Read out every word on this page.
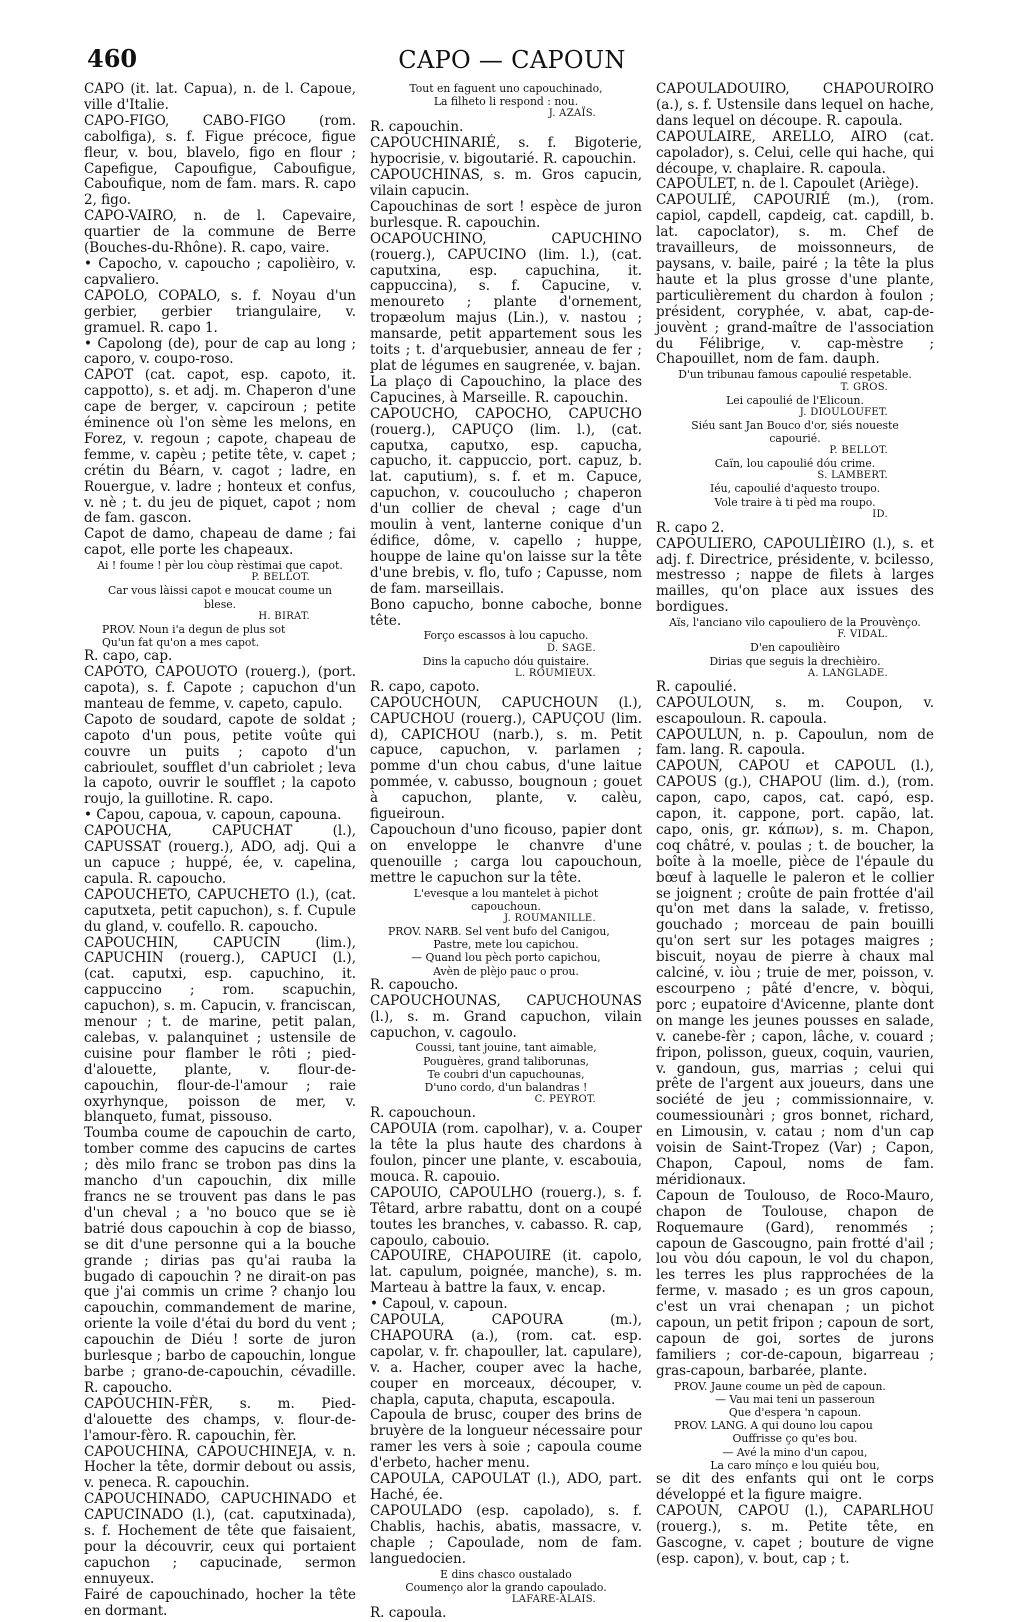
460	CAPO — CAPOUN

CAPO (it. lat. Capua), n. de l. Capoue, ville d'Italie.

CAPO-FIGO, CABO-FIGO (rom. cabolfiga), s. f. Figue précoce, figue fleur, v. bou, blavelo, figo en flour ; Capefigue, Capoufigue, Caboufigue, Caboufique, nom de fam. mars. R. capo 2, figo.

CAPO-VAIRO, n. de l. Capevaire, quartier de la commune de Berre (Bouches-du-Rhône). R. capo, vaire.

• Capocho, v. capoucho ; capolièiro, v. capvaliero.

CAPOLO, COPALO, s. f. Noyau d'un gerbier, gerbier triangulaire, v. gramuel. R. capo 1.

• Capolong (de), pour de cap au long ; caporo, v. coupo-roso.

CAPOT (cat. capot, esp. capoto, it. cappotto), s. et adj. m. Chaperon d'une cape de berger, v. capciroun ; petite éminence où l'on sème les melons, en Forez, v. regoun ; capote, chapeau de femme, v. capèu ; petite tête, v. capet ; crétin du Béarn, v. cagot ; ladre, en Rouergue, v. ladre ; honteux et confus, v. nè ; t. du jeu de piquet, capot ; nom de fam. gascon.

Capot de damo, chapeau de dame ; fai capot, elle porte les chapeaux.

Ai ! foume ! pèr lou còup rèstimai que capot.

P. BELLOT.

Car vous làissi capot e moucat coume un blese.

H. BIRAT.

PROV. Noun i'a degun de plus sot

Qu'un fat qu'on a mes capot.

R. capo, cap.

CAPOTO, CAPOUOTO (rouerg.), (port. capota), s. f. Capote ; capuchon d'un manteau de femme, v. capeto, capulo.

Capoto de soudard, capote de soldat ; capoto d'un pous, petite voûte qui couvre un puits ; capoto d'un cabrioulet, soufflet d'un cabriolet ; leva la capoto, ouvrir le soufflet ; la capoto roujo, la guillotine. R. capo.

• Capou, capoua, v. capoun, capouna.

CAPOUCHA, CAPUCHAT (l.), CAPUSSAT (rouerg.), ADO, adj. Qui a un capuce ; huppé, ée, v. capelina, capula. R. capoucho.

CAPOUCHETO, CAPUCHETO (l.), (cat. caputxeta, petit capuchon), s. f. Cupule du gland, v. coufello. R. capoucho.

CAPOUCHIN, CAPUCIN (lim.), CAPUCHIN (rouerg.), CAPUCI (l.), (cat. caputxi, esp. capuchino, it. cappuccino ; rom. scapuchin, capuchon), s. m. Capucin, v. franciscan, menour ; t. de marine, petit palan, calebas, v. palanquinet ; ustensile de cuisine pour flamber le rôti ; pied-d'alouette, plante, v. flour-de-capouchin, flour-de-l'amour ; raie oxyrhynque, poisson de mer, v. blanqueto, fumat, pissouso.

Toumba coume de capouchin de carto, tomber comme des capucins de cartes ; dès milo franc se trobon pas dins la mancho d'un capouchin, dix mille francs ne se trouvent pas dans le pas d'un cheval ; a 'no bouco que se iè batrié dous capouchin à cop de biasso, se dit d'une personne qui a la bouche grande ; dirias pas qu'ai rauba la bugado di capouchin ? ne dirait-on pas que j'ai commis un crime ? chanjo lou capouchin, commandement de marine, oriente la voile d'étai du bord du vent ; capouchin de Diéu ! sorte de juron burlesque ; barbo de capouchin, longue barbe ; grano-de-capouchin, cévadille. R. capoucho.

CAPOUCHIN-FÈR, s. m. Pied-d'alouette des champs, v. flour-de-l'amour-fèro. R. capouchin, fèr.

CAPOUCHINA, CAPOUCHINEJA, v. n. Hocher la tête, dormir debout ou assis, v. peneca. R. capouchin.

CAPOUCHINADO, CAPUCHINADO et CAPUCINADO (l.), (cat. caputxinada), s. f. Hochement de tête que faisaient, pour la découvrir, ceux qui portaient capuchon ; capucinade, sermon ennuyeux.

Fairé de capouchinado, hocher la tête en dormant.

Tout en faguent uno capouchinado,

La filheto li respond : nou.

J. AZAÏS.

R. capouchin.

CAPOUCHINARIÉ, s. f. Bigoterie, hypocrisie, v. bigoutarié. R. capouchin.

CAPOUCHINAS, s. m. Gros capucin, vilain capucin.

Capouchinas de sort ! espèce de juron burlesque. R. capouchin.

OCAPOUCHINO, CAPUCHINO (rouerg.), CAPUCINO (lim. l.), (cat. caputxina, esp. capuchina, it. cappuccina), s. f. Capucine, v. menoureto ; plante d'ornement, tropæolum majus (Lin.), v. nastou ; mansarde, petit appartement sous les toits ; t. d'arquebusier, anneau de fer ; plat de légumes en saugrenée, v. bajan.

La plaço di Capouchino, la place des Capucines, à Marseille. R. capouchin.

CAPOUCHO, CAPOCHO, CAPUCHO (rouerg.), CAPUÇO (lim. l.), (cat. caputxa, caputxo, esp. capucha, capucho, it. cappuccio, port. capuz, b. lat. caputium), s. f. et m. Capuce, capuchon, v. coucoulucho ; chaperon d'un collier de cheval ; cage d'un moulin à vent, lanterne conique d'un édifice, dôme, v. capello ; huppe, houppe de laine qu'on laisse sur la tête d'une brebis, v. flo, tufo ; Capusse, nom de fam. marseillais.

Bono capucho, bonne caboche, bonne tête.

Forço escassos à lou capucho.

D. SAGE.

Dins la capucho dóu quistaire.

L. ROUMIEUX.

R. capo, capoto.

CAPOUCHOUN, CAPUCHOUN (l.), CAPUCHOU (rouerg.), CAPUÇOU (lim. d), CAPICHOU (narb.), s. m. Petit capuce, capuchon, v. parlamen ; pomme d'un chou cabus, d'une laitue pommée, v. cabusso, bougnoun ; gouet à capuchon, plante, v. calèu, figueiroun.

Capouchoun d'uno ficouso, papier dont on enveloppe le chanvre d'une quenouille ; carga lou capouchoun, mettre le capuchon sur la tête.

L'evesque a lou mantelet à pichot capouchoun.

J. ROUMANILLE.

PROV. NARB. Sel vent bufo del Canigou,

Pastre, mete lou capichou.

— Quand lou pèch porto capichou,

Avèn de plèjo pauc o prou.

R. capoucho.

CAPOUCHOUNAS, CAPUCHOUNAS (l.), s. m. Grand capuchon, vilain capuchon, v. cagoulo.

Coussi, tant jouine, tant aimable,

Pouguères, grand taliborunas,

Te coubri d'un capuchounas,

D'uno cordo, d'un balandras !

C. PEYROT.

R. capouchoun.

CAPOUIA (rom. capolhar), v. a. Couper la tête la plus haute des chardons à foulon, pincer une plante, v. escabouia, mouca. R. capouio.

CAPOUIO, CAPOULHO (rouerg.), s. f. Têtard, arbre rabattu, dont on a coupé toutes les branches, v. cabasso. R. cap, capoulo, cabouio.

CAPOUIRE, CHAPOUIRE (it. capolo, lat. capulum, poignée, manche), s. m. Marteau à battre la faux, v. encap.

• Capoul, v. capoun.

CAPOULA, CAPOURA (m.), CHAPOURA (a.), (rom. cat. esp. capolar, v. fr. chapouller, lat. capulare), v. a. Hacher, couper avec la hache, couper en morceaux, découper, v. chapla, caputa, chaputa, escapoula.

Capoula de brusc, couper des brins de bruyère de la longueur nécessaire pour ramer les vers à soie ; capoula coume d'erbeto, hacher menu.

CAPOULA, CAPOULAT (l.), ADO, part. Haché, ée.

CAPOULADO (esp. capolado), s. f. Chablis, hachis, abatis, massacre, v. chaple ; Capoulade, nom de fam. languedocien.

E dins chasco oustalado

Coumenço alor la grando capoulado.

LAFARE-ALAIS.

R. capoula.

CAPOULADOUIRO, CHAPOUROIRO (a.), s. f. Ustensile dans lequel on hache, dans lequel on découpe. R. capoula.

CAPOULAIRE, ARELLO, AIRO (cat. capolador), s. Celui, celle qui hache, qui découpe, v. chaplaire. R. capoula.

CAPOULET, n. de l. Capoulet (Ariège).

CAPOULIÉ, CAPOURIÉ (m.), (rom. capiol, capdell, capdeig, cat. capdill, b. lat. capoclator), s. m. Chef de travailleurs, de moissonneurs, de paysans, v. baile, pairé ; la tête la plus haute et la plus grosse d'une plante, particulièrement du chardon à foulon ; président, coryphée, v. abat, cap-de-jouvènt ; grand-maître de l'association du Félibrige, v. cap-mèstre ; Chapouillet, nom de fam. dauph.

D'un tribunau famous capoulié respetable.

T. GROS.

Lei capoulié de l'Elicoun.

J. DIOULOUFET.

Siéu sant Jan Bouco d'or, siés noueste capourié.

P. BELLOT.

Caïn, lou capoulié dóu crime.

S. LAMBERT.

Iéu, capoulié d'aquesto troupo.

Vole traire à ti pèd ma roupo.

ID.

R. capo 2.

CAPOULIERO, CAPOULIÈIRO (l.), s. et adj. f. Directrice, présidente, v. bcilesso, mestresso ; nappe de filets à larges mailles, qu'on place aux issues des bordigues.

Aïs, l'anciano vilo capouliero de la Prouvènço.

F. VIDAL.

D'en capoulièiro

Dirias que seguis la drechièiro.

A. LANGLADE.

R. capoulié.

CAPOULOUN, s. m. Coupon, v. escapouloun. R. capoula.

CAPOULUN, n. p. Capoulun, nom de fam. lang. R. capoula.

CAPOUN, CAPOU et CAPOUL (l.), CAPOUS (g.), CHAPOU (lim. d.), (rom. capon, capo, capos, cat. capó, esp. capon, it. cappone, port. capão, lat. capo, onis, gr. κάπων), s. m. Chapon, coq châtré, v. poulas ; t. de boucher, la boîte à la moelle, pièce de l'épaule du bœuf à laquelle le paleron et le collier se joignent ; croûte de pain frottée d'ail qu'on met dans la salade, v. fretisso, gouchado ; morceau de pain bouilli qu'on sert sur les potages maigres ; biscuit, noyau de pierre à chaux mal calciné, v. iòu ; truie de mer, poisson, v. escourpeno ; pâté d'encre, v. bòqui, porc ; eupatoire d'Avicenne, plante dont on mange les jeunes pousses en salade, v. canebe-fèr ; capon, lâche, v. couard ; fripon, polisson, gueux, coquin, vaurien, v. gandoun, gus, marrias ; celui qui prête de l'argent aux joueurs, dans une société de jeu ; commissionnaire, v. coumessiounàri ; gros bonnet, richard, en Limousin, v. catau ; nom d'un cap voisin de Saint-Tropez (Var) ; Capon, Chapon, Capoul, noms de fam. méridionaux.

Capoun de Toulouso, de Roco-Mauro, chapon de Toulouse, chapon de Roquemaure (Gard), renommés ; capoun de Gascougno, pain frotté d'ail ; lou vòu dóu capoun, le vol du chapon, les terres les plus rapprochées de la ferme, v. masado ; es un gros capoun, c'est un vrai chenapan ; un pichot capoun, un petit fripon ; capoun de sort, capoun de goi, sortes de jurons familiers ; cor-de-capoun, bigarreau ; gras-capoun, barbarée, plante.

PROV. Jaune coume un pèd de capoun.

— Vau mai teni un passeroun

Que d'espera 'n capoun.

PROV. LANG. A qui douno lou capou

Ouffrisse ço qu'es bou.

— Avé la mino d'un capou,

La caro mínço e lou quiéu bou,

se dit des enfants qui ont le corps développé et la figure maigre.

CAPOUN, CAPOU (l.), CAPARLHOU (rouerg.), s. m. Petite tête, en Gascogne, v. capet ; bouture de vigne (esp. capon), v. bout, cap ; t.
